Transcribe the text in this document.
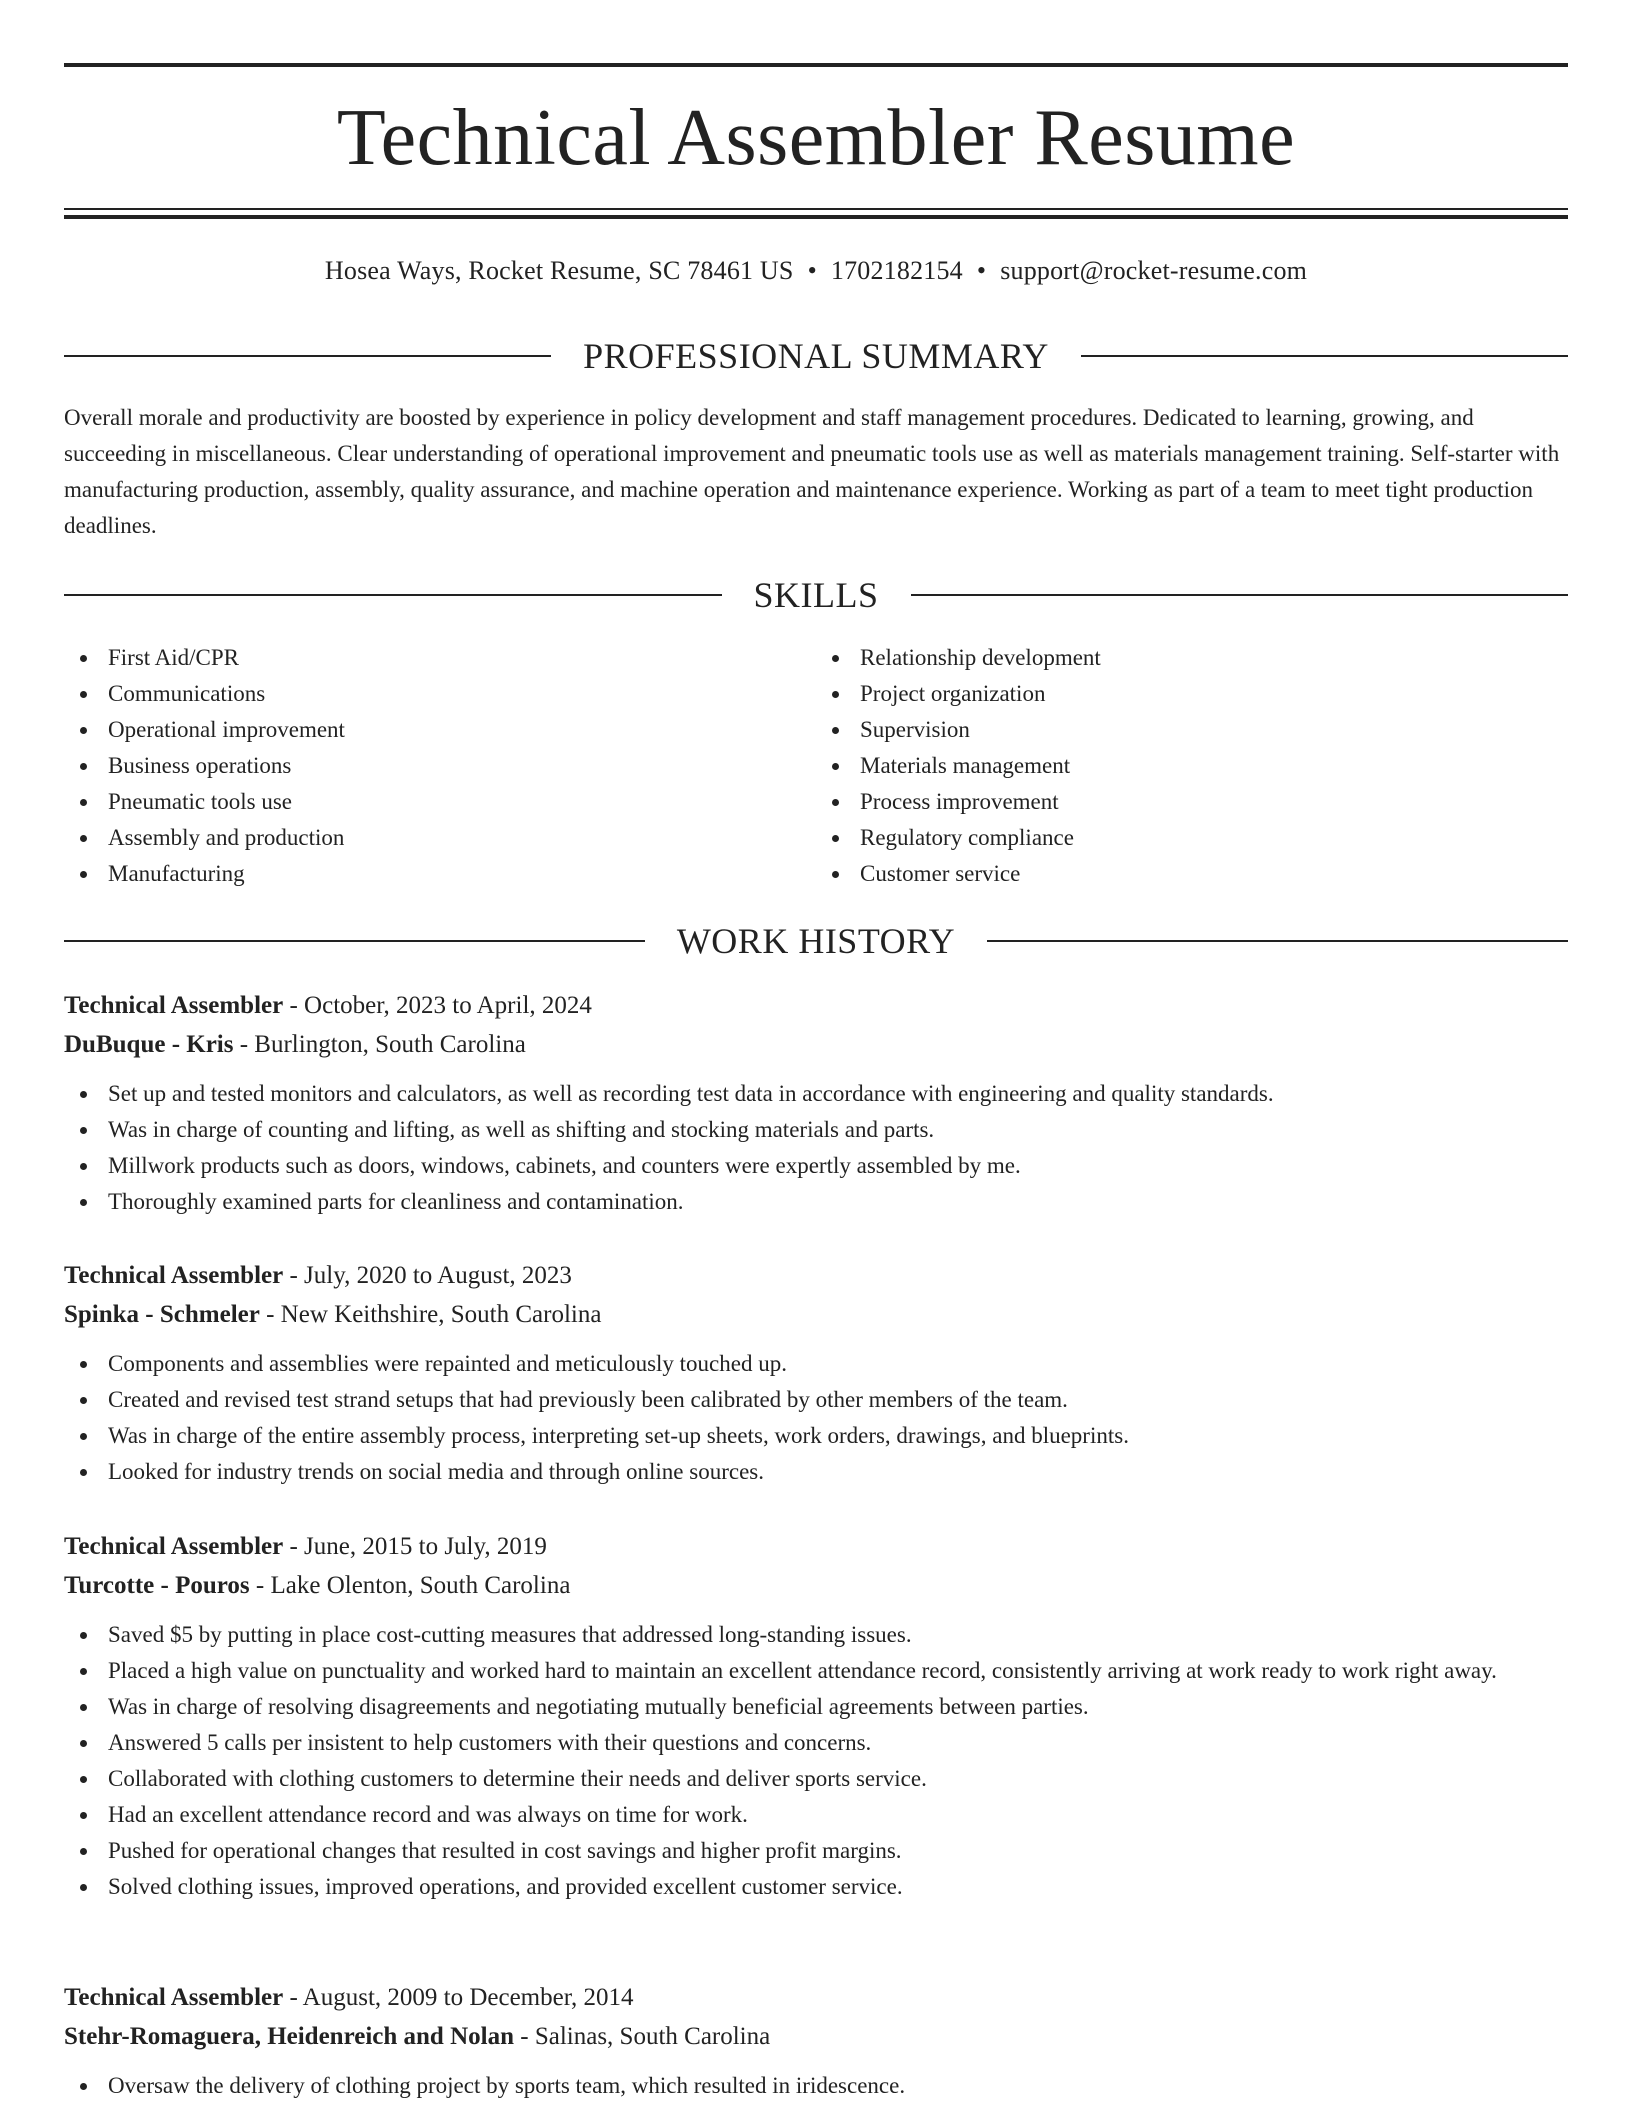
Technical Assembler Resume
Hosea Ways, Rocket Resume, SC 78461 US • 1702182154 • support@rocket-resume.com
PROFESSIONAL SUMMARY

Overall morale and productivity are boosted by experience in policy development and staff management procedures. Dedicated to learning, growing, and succeeding in miscellaneous. Clear understanding of operational improvement and pneumatic tools use as well as materials management training. Self-starter with manufacturing production, assembly, quality assurance, and machine operation and maintenance experience. Working as part of a team to meet tight production deadlines.

SKILLS
First Aid/CPR
Communications
Operational improvement
Business operations
Pneumatic tools use
Assembly and production
Manufacturing
Relationship development
Project organization
Supervision
Materials management
Process improvement
Regulatory compliance
Customer service
WORK HISTORY
Technical Assembler - October, 2023 to April, 2024
DuBuque - Kris - Burlington, South Carolina
Set up and tested monitors and calculators, as well as recording test data in accordance with engineering and quality standards.
Was in charge of counting and lifting, as well as shifting and stocking materials and parts.
Millwork products such as doors, windows, cabinets, and counters were expertly assembled by me.
Thoroughly examined parts for cleanliness and contamination.
Technical Assembler - July, 2020 to August, 2023
Spinka - Schmeler - New Keithshire, South Carolina
Components and assemblies were repainted and meticulously touched up.
Created and revised test strand setups that had previously been calibrated by other members of the team.
Was in charge of the entire assembly process, interpreting set-up sheets, work orders, drawings, and blueprints.
Looked for industry trends on social media and through online sources.
Technical Assembler - June, 2015 to July, 2019
Turcotte - Pouros - Lake Olenton, South Carolina
Saved $5 by putting in place cost-cutting measures that addressed long-standing issues.
Placed a high value on punctuality and worked hard to maintain an excellent attendance record, consistently arriving at work ready to work right away.
Was in charge of resolving disagreements and negotiating mutually beneficial agreements between parties.
Answered 5 calls per insistent to help customers with their questions and concerns.
Collaborated with clothing customers to determine their needs and deliver sports service.
Had an excellent attendance record and was always on time for work.
Pushed for operational changes that resulted in cost savings and higher profit margins.
Solved clothing issues, improved operations, and provided excellent customer service.
Technical Assembler - August, 2009 to December, 2014
Stehr-Romaguera, Heidenreich and Nolan - Salinas, South Carolina
Oversaw the delivery of clothing project by sports team, which resulted in iridescence.
